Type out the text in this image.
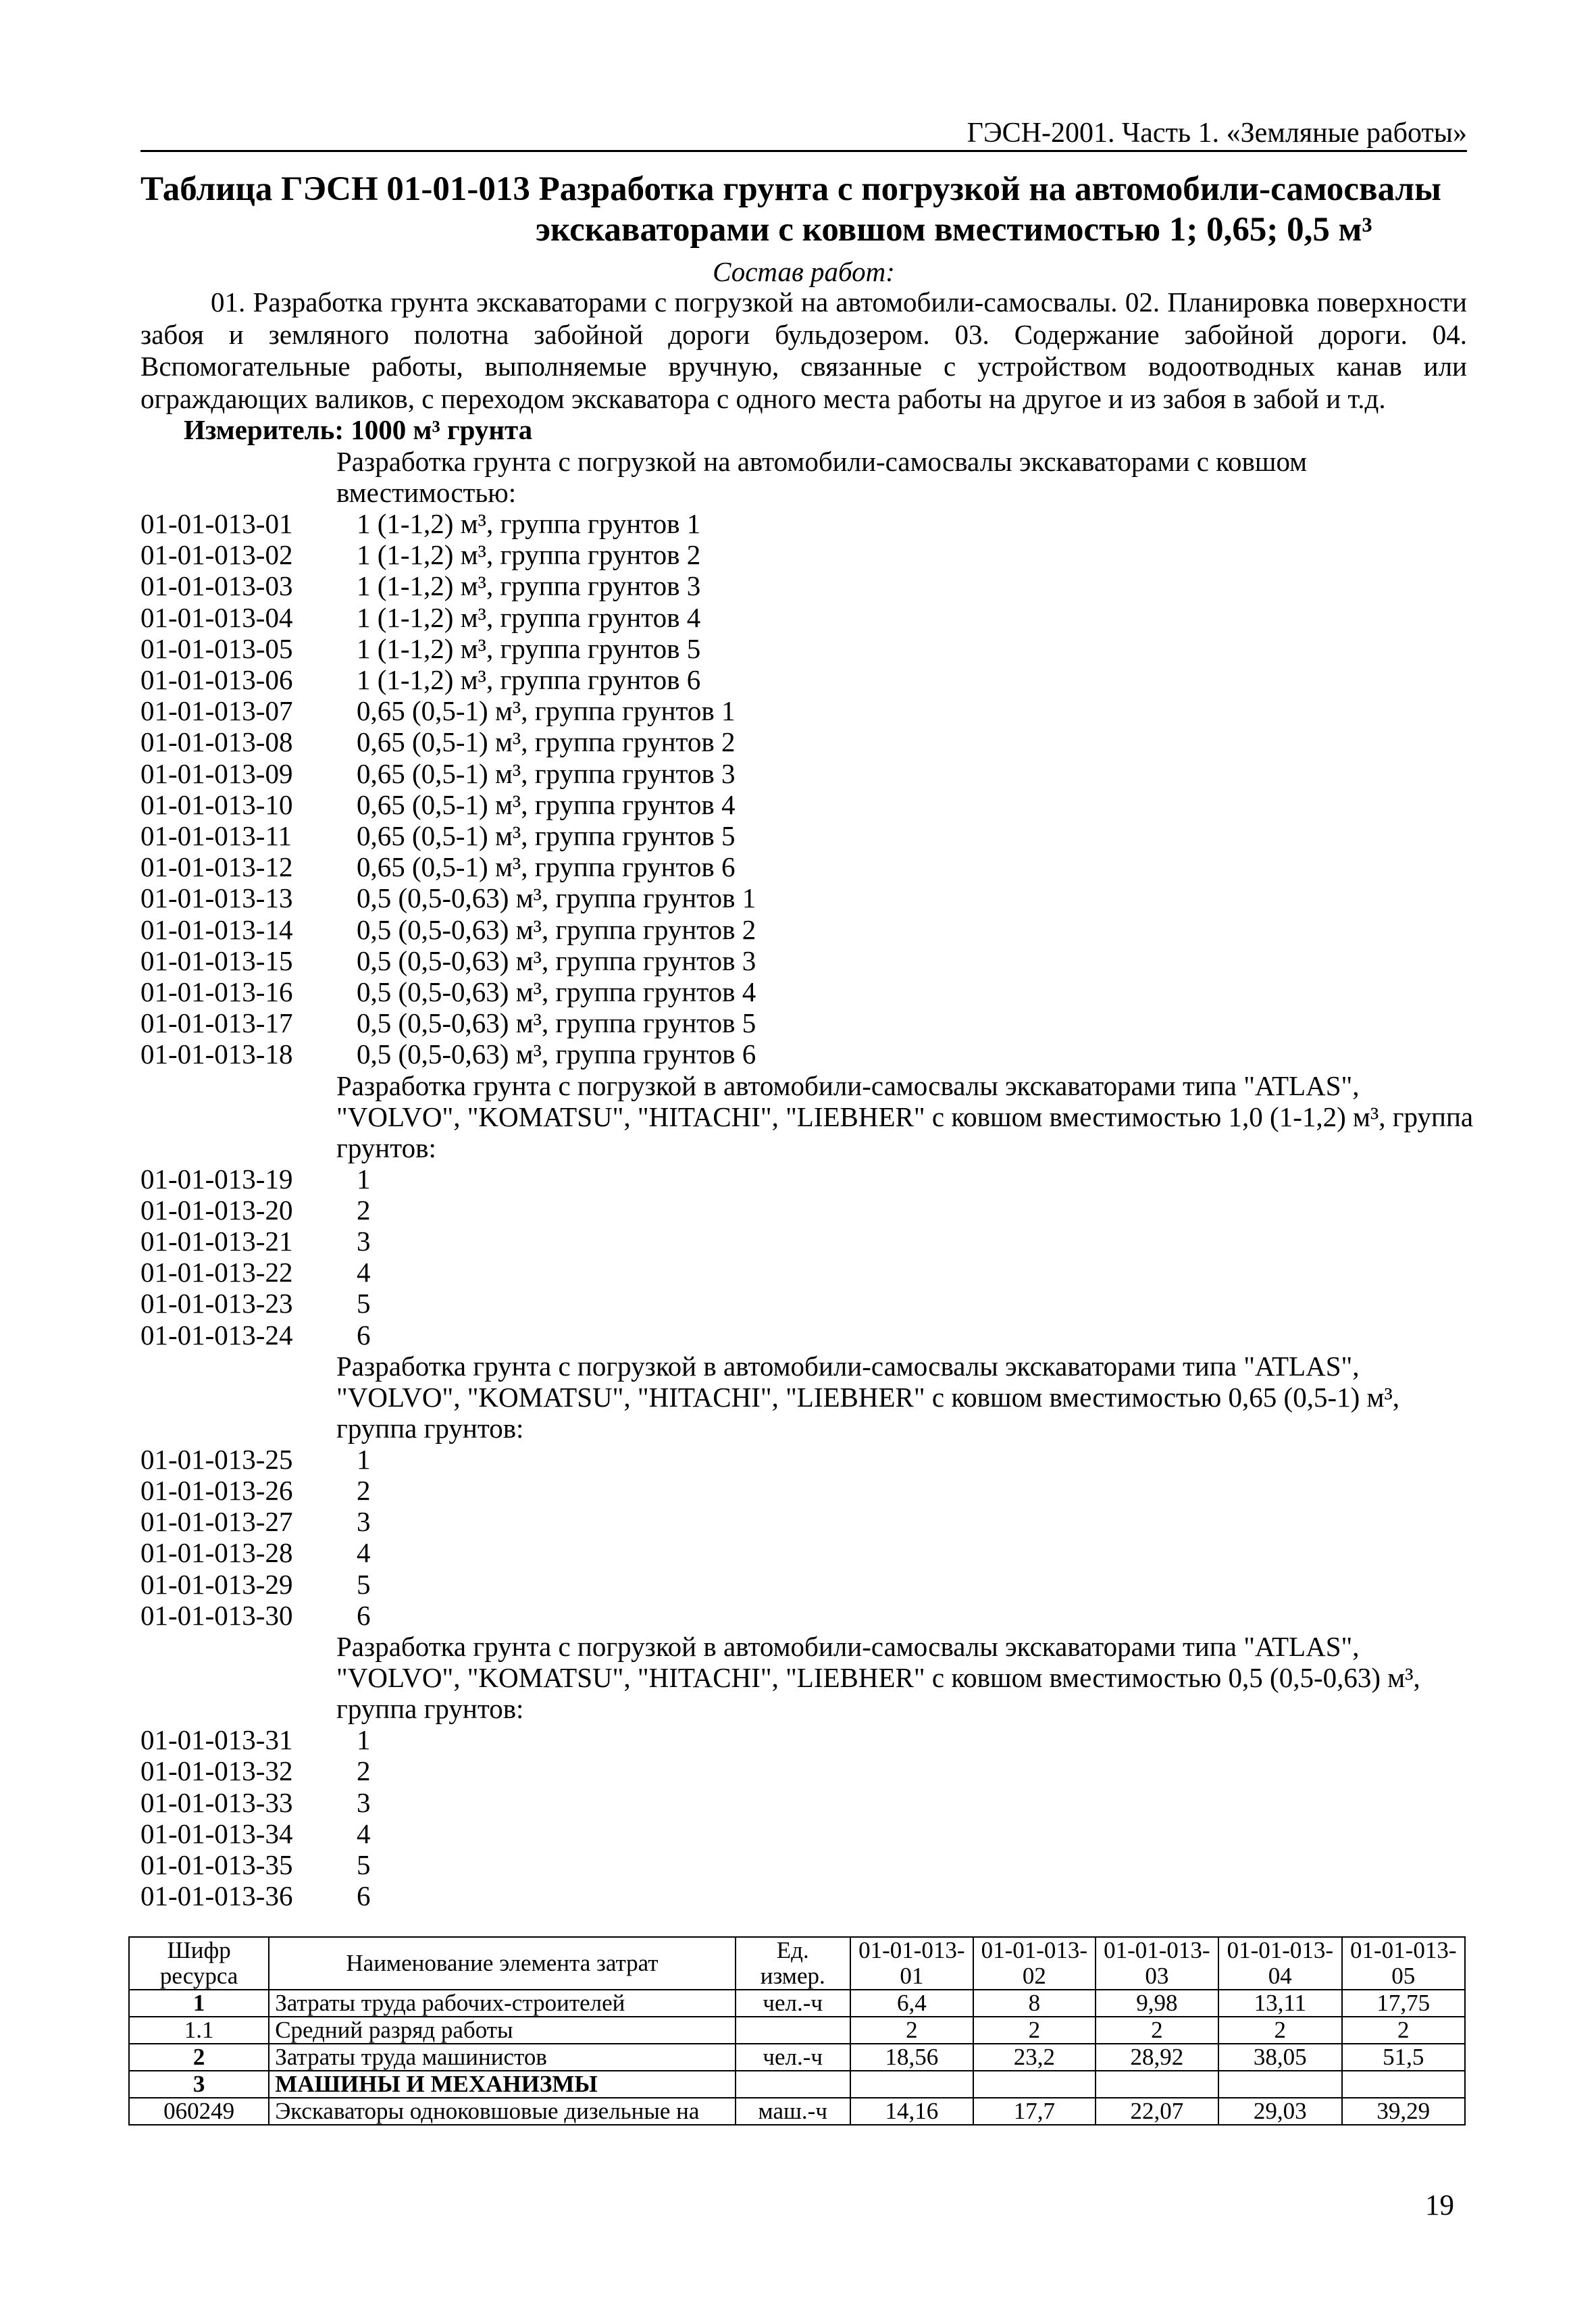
ГЭСН-2001. Часть 1. «Земляные работы»
Таблица ГЭСН 01-01-013 Разработка грунта с погрузкой на автомобили-самосвалы
экскаваторами с ковшом вместимостью 1; 0,65; 0,5 м³
Состав работ:
01. Разработка грунта экскаваторами с погрузкой на автомобили-самосвалы. 02. Планировка поверхности забоя и земляного полотна забойной дороги бульдозером. 03. Содержание забойной дороги. 04. Вспомогательные работы, выполняемые вручную, связанные с устройством водоотводных канав или ограждающих валиков, с переходом экскаватора с одного места работы на другое и из забоя в забой и т.д.
Измеритель: 1000 м³ грунта
Разработка грунта с погрузкой на автомобили-самосвалы экскаваторами с ковшом вместимостью:
01-01-013-01	1 (1-1,2) м³, группа грунтов 1
01-01-013-02	1 (1-1,2) м³, группа грунтов 2
01-01-013-03	1 (1-1,2) м³, группа грунтов 3
01-01-013-04	1 (1-1,2) м³, группа грунтов 4
01-01-013-05	1 (1-1,2) м³, группа грунтов 5
01-01-013-06	1 (1-1,2) м³, группа грунтов 6
01-01-013-07	0,65 (0,5-1) м³, группа грунтов 1
01-01-013-08	0,65 (0,5-1) м³, группа грунтов 2
01-01-013-09	0,65 (0,5-1) м³, группа грунтов 3
01-01-013-10	0,65 (0,5-1) м³, группа грунтов 4
01-01-013-11	0,65 (0,5-1) м³, группа грунтов 5
01-01-013-12	0,65 (0,5-1) м³, группа грунтов 6
01-01-013-13	0,5 (0,5-0,63) м³, группа грунтов 1
01-01-013-14	0,5 (0,5-0,63) м³, группа грунтов 2
01-01-013-15	0,5 (0,5-0,63) м³, группа грунтов 3
01-01-013-16	0,5 (0,5-0,63) м³, группа грунтов 4
01-01-013-17	0,5 (0,5-0,63) м³, группа грунтов 5
01-01-013-18	0,5 (0,5-0,63) м³, группа грунтов 6
Разработка грунта с погрузкой в автомобили-самосвалы экскаваторами типа "ATLAS", "VOLVO", "KOMATSU", "HITACHI", "LIEBHER" с ковшом вместимостью 1,0 (1-1,2) м³, группа грунтов:
01-01-013-19	1
01-01-013-20	2
01-01-013-21	3
01-01-013-22	4
01-01-013-23	5
01-01-013-24	6
Разработка грунта с погрузкой в автомобили-самосвалы экскаваторами типа "ATLAS", "VOLVO", "KOMATSU", "HITACHI", "LIEBHER" с ковшом вместимостью 0,65 (0,5-1) м³, группа грунтов:
01-01-013-25	1
01-01-013-26	2
01-01-013-27	3
01-01-013-28	4
01-01-013-29	5
01-01-013-30	6
Разработка грунта с погрузкой в автомобили-самосвалы экскаваторами типа "ATLAS", "VOLVO", "KOMATSU", "HITACHI", "LIEBHER" с ковшом вместимостью 0,5 (0,5-0,63) м³, группа грунтов:
01-01-013-31	1
01-01-013-32	2
01-01-013-33	3
01-01-013-34	4
01-01-013-35	5
01-01-013-36	6
Шифр ресурса	Наименование элемента затрат	Ед. измер.	01-01-013-01	01-01-013-02	01-01-013-03	01-01-013-04	01-01-013-05
1	Затраты труда рабочих-строителей	чел.-ч	6,4	8	9,98	13,11	17,75
1.1	Средний разряд работы		2	2	2	2	2
2	Затраты труда машинистов	чел.-ч	18,56	23,2	28,92	38,05	51,5
3	МАШИНЫ И МЕХАНИЗМЫ						
060249	Экскаваторы одноковшовые дизельные на	маш.-ч	14,16	17,7	22,07	29,03	39,29
19
